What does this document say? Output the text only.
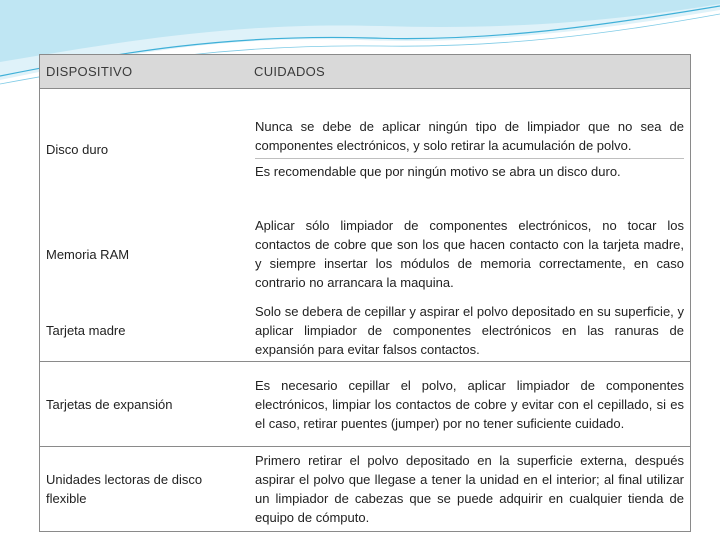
DISPOSITIVO	CUIDADOS
Disco duro	Nunca se debe de aplicar ningún tipo de limpiador que no sea de componentes electrónicos, y solo retirar la acumulación de polvo.
Es recomendable que por ningún motivo se abra un disco duro.

Memoria RAM	Aplicar sólo limpiador de componentes electrónicos, no tocar los contactos de cobre que son los que hacen contacto con la tarjeta madre, y siempre insertar los módulos de memoria correctamente, en caso contrario no arrancara la maquina.
Tarjeta madre	Solo se debera de cepillar y aspirar el polvo depositado en su superficie, y aplicar limpiador de componentes electrónicos en las ranuras de expansión para evitar falsos contactos.
Tarjetas de expansión	Es necesario cepillar el polvo, aplicar limpiador de componentes electrónicos, limpiar los contactos de cobre y evitar con el cepillado, si es el caso, retirar puentes (jumper) por no tener suficiente cuidado.
Unidades lectoras de disco flexible	Primero retirar el polvo depositado en la superficie externa, después aspirar el polvo que llegase a tener la unidad en el interior; al final utilizar un limpiador de cabezas que se puede adquirir en cualquier tienda de equipo de cómputo.
